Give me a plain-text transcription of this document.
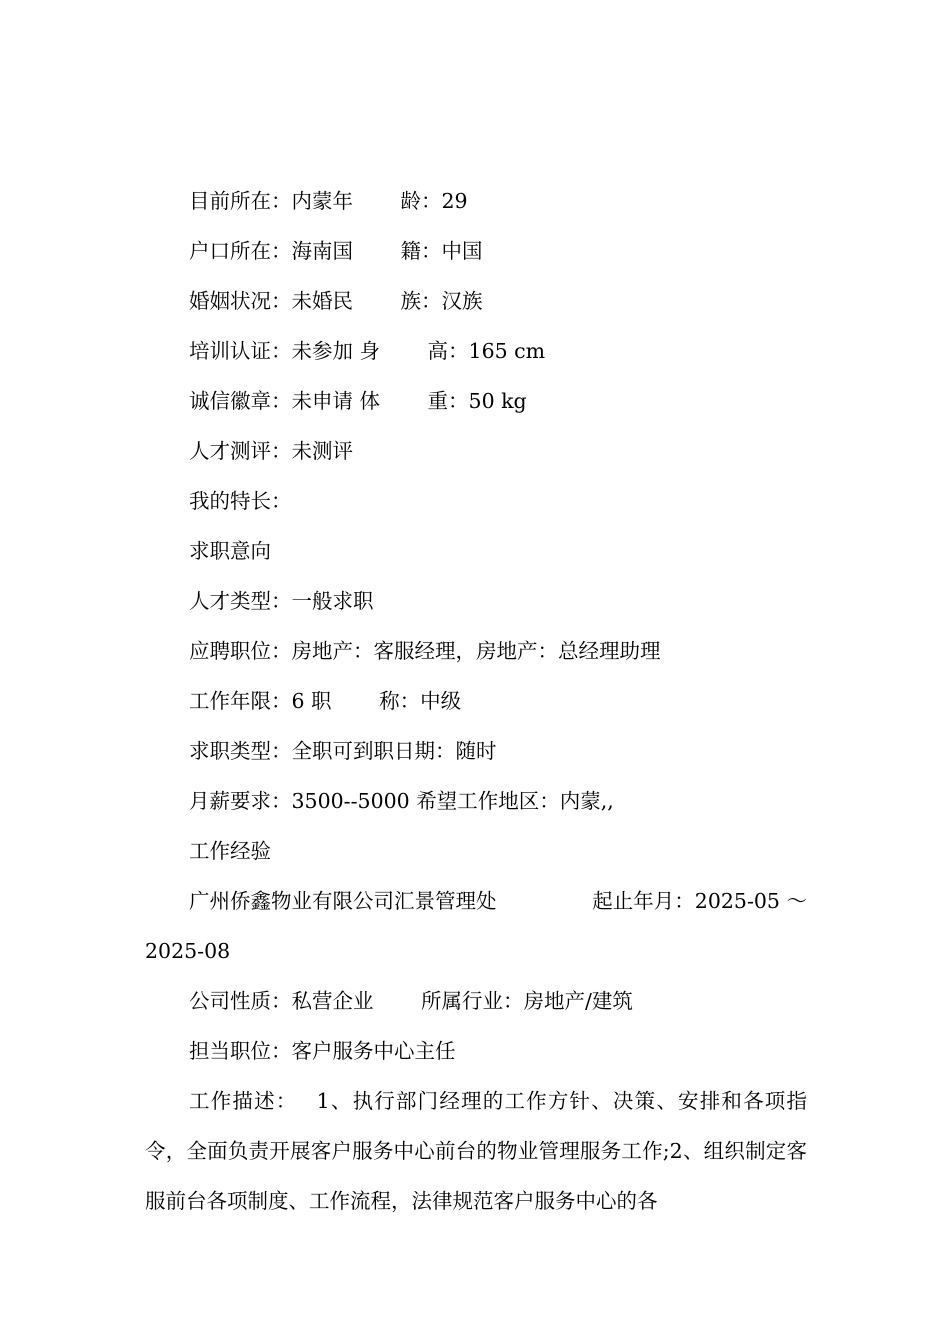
目前所在：内蒙年　　 龄：29
户口所在：海南国　　 籍：中国
婚姻状况：未婚民　　 族：汉族
培训认证：未参加 身　　 高：165 cm
诚信徽章：未申请 体　　 重：50 kg
人才测评：未测评
我的特长：
求职意向
人才类型：一般求职
应聘职位：房地产：客服经理，房地产：总经理助理
工作年限：6 职　　 称：中级
求职类型：全职可到职日期：随时
月薪要求：3500--5000 希望工作地区：内蒙,,
工作经验
广州侨鑫物业有限公司汇景管理处	起止年月：2025-05 ～
2025-08
公司性质：私营企业　　 所属行业：房地产/建筑
担当职位：客户服务中心主任

工作描述：　 1、执行部门经理的工作方针、决策、安排和各项指令，全面负责开展客户服务中心前台的物业管理服务工作;2、组织制定客服前台各项制度、工作流程，法律规范客户服务中心的各
